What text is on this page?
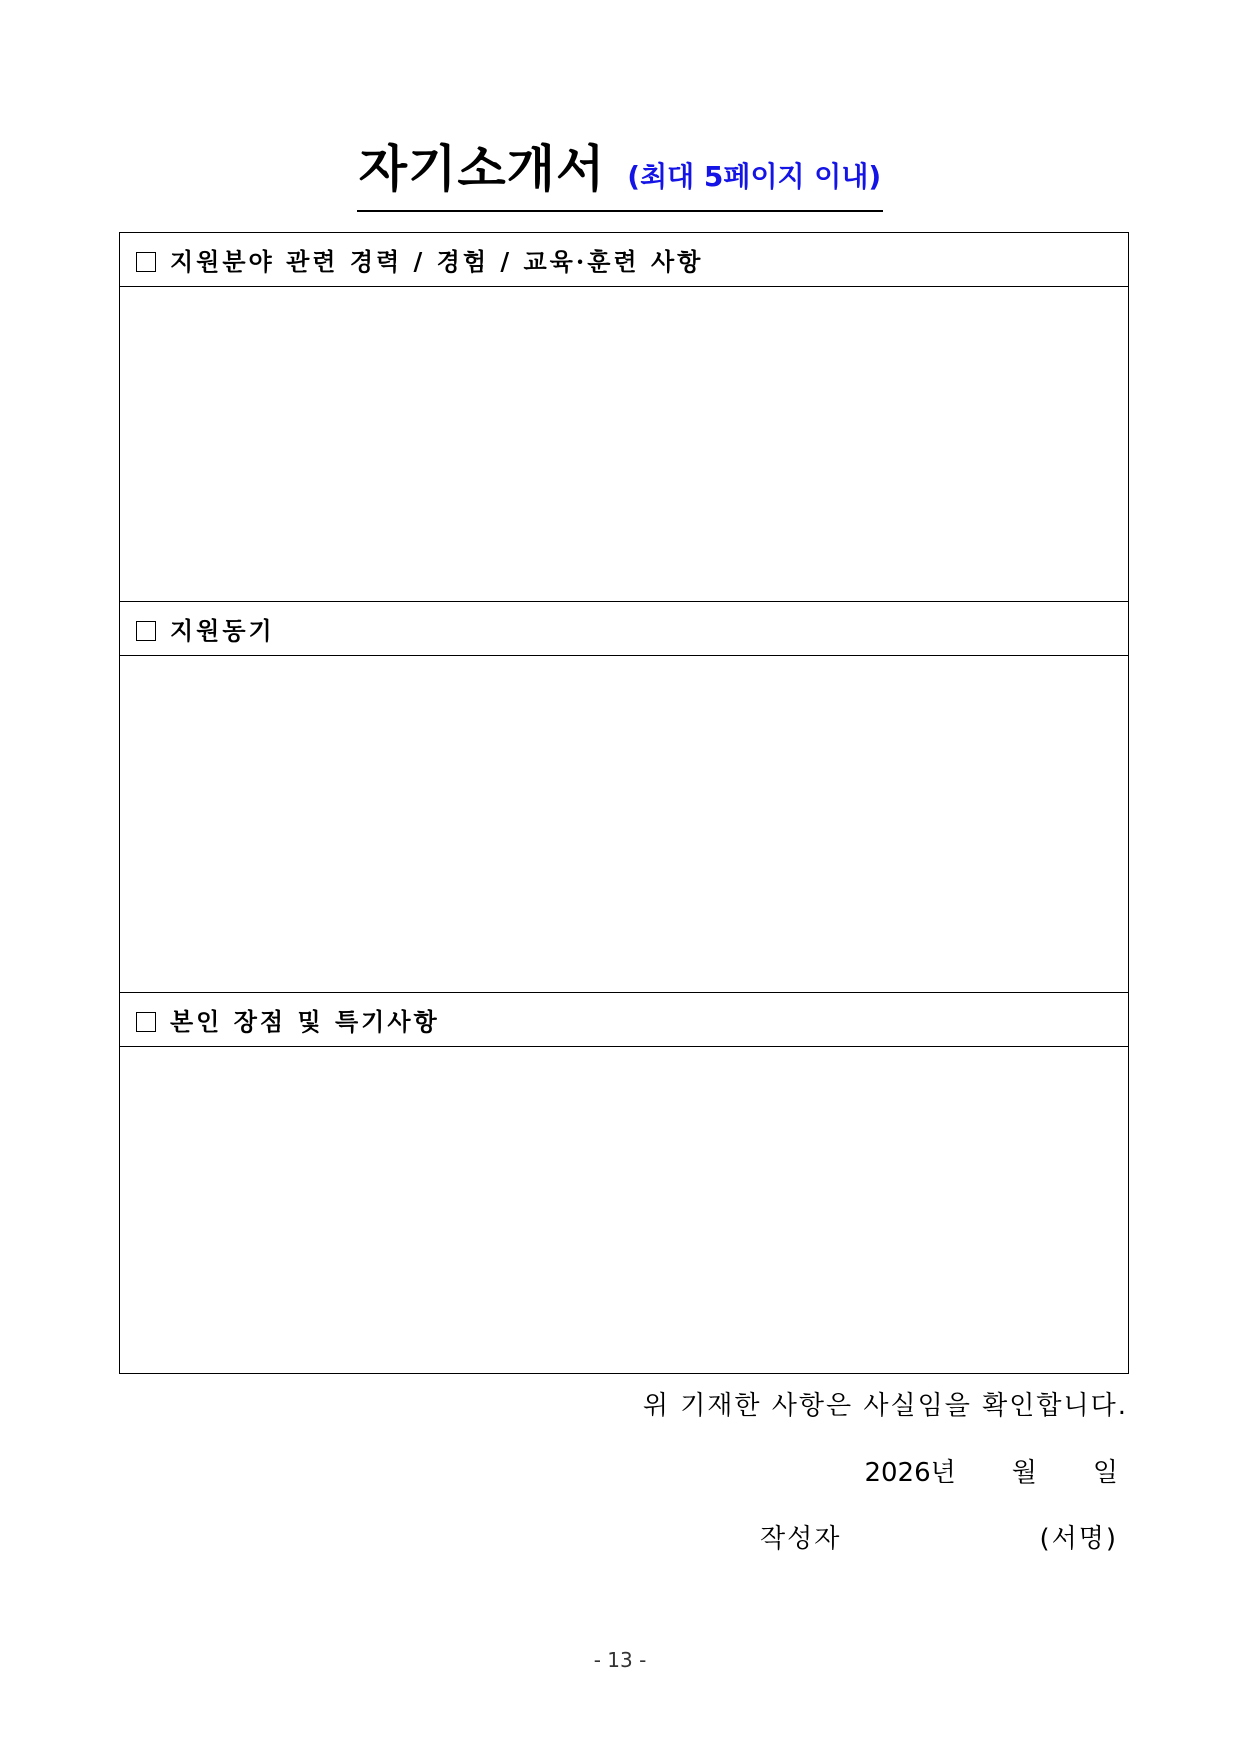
자기소개서 (최대 5페이지 이내)
지원분야 관련 경력 / 경험 / 교육·훈련 사항

지원동기

본인 장점 및 특기사항

위 기재한 사항은 사실임을 확인합니다.
2026년 월 일
작성자	(서명)
- 13 -
